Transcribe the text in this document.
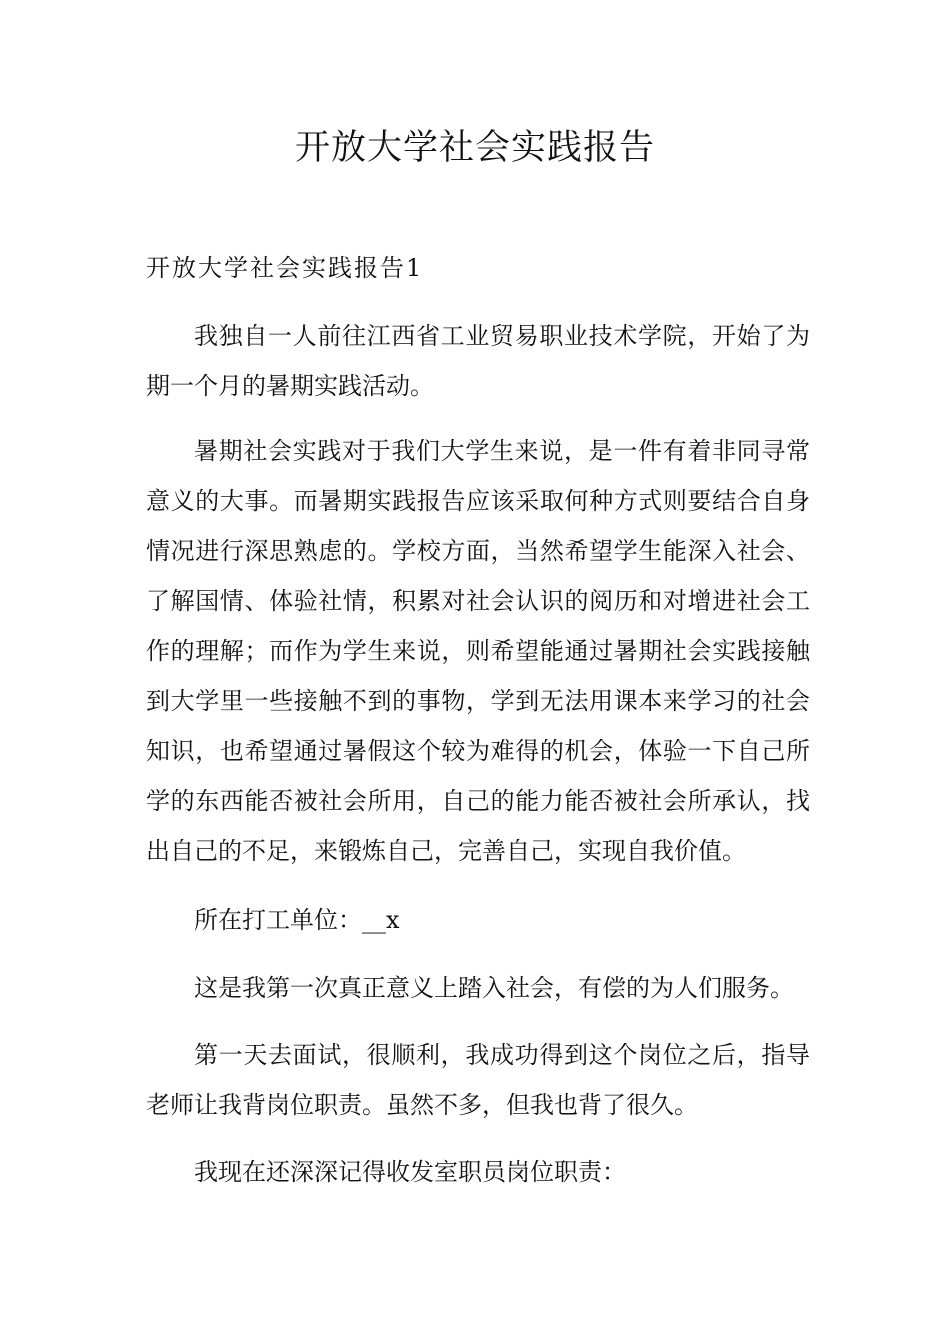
开放大学社会实践报告
开放大学社会实践报告1

我独自一人前往江西省工业贸易职业技术学院，开始了为期一个月的暑期实践活动。

暑期社会实践对于我们大学生来说，是一件有着非同寻常意义的大事。而暑期实践报告应该采取何种方式则要结合自身情况进行深思熟虑的。学校方面，当然希望学生能深入社会、了解国情、体验社情，积累对社会认识的阅历和对增进社会工作的理解；而作为学生来说，则希望能通过暑期社会实践接触到大学里一些接触不到的事物，学到无法用课本来学习的社会知识，也希望通过暑假这个较为难得的机会，体验一下自己所学的东西能否被社会所用，自己的能力能否被社会所承认，找出自己的不足，来锻炼自己，完善自己，实现自我价值。

所在打工单位：__x

这是我第一次真正意义上踏入社会，有偿的为人们服务。

第一天去面试，很顺利，我成功得到这个岗位之后，指导老师让我背岗位职责。虽然不多，但我也背了很久。

我现在还深深记得收发室职员岗位职责：
